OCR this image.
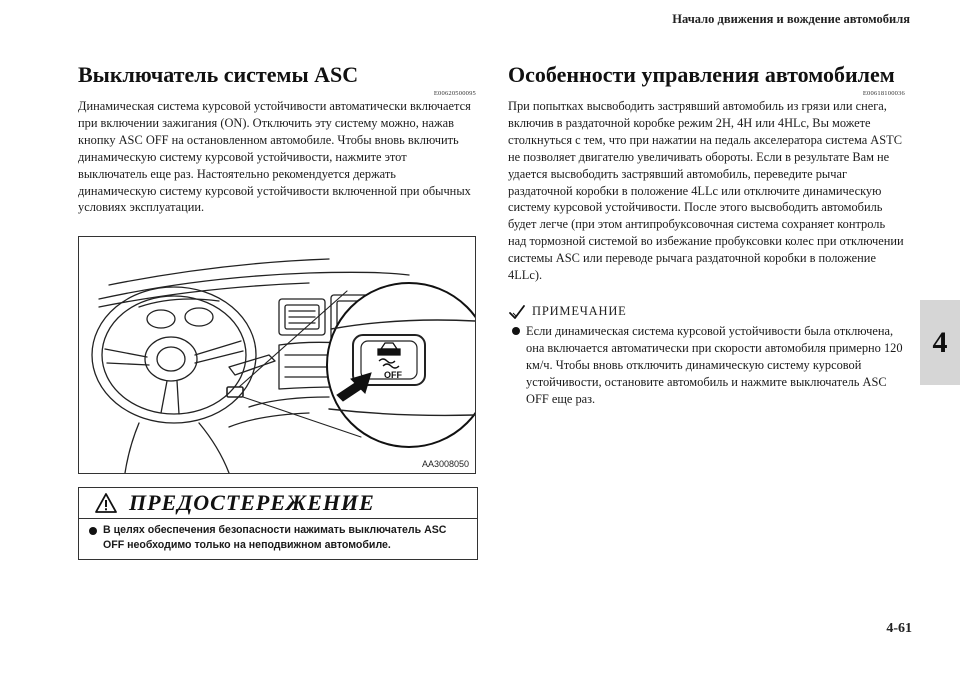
Начало движения и вождение автомобиля
4
4-61
Выключатель системы ASC
E00620500095

Динамическая система курсовой устойчивости автоматически включается при включении зажигания (ON). Отключить эту систему можно, нажав кнопку ASC OFF на остановленном автомобиле. Чтобы вновь включить динамическую систему курсовой устойчивости, нажмите этот выключатель еще раз. Настоятельно рекомендуется держать динамическую систему курсовой устойчивости включенной при обычных условиях эксплуатации.

OFF
AA3008050
ПРЕДОСТЕРЕЖЕНИЕ
В целях обеспечения безопасности нажимать выключатель ASC OFF необходимо только на неподвижном автомобиле.
Особенности управления автомобилем
E00618100036

При попытках высвободить застрявший автомобиль из грязи или снега, включив в раздаточной коробке режим 2H, 4H или 4HLc, Вы можете столкнуться с тем, что при нажатии на педаль акселератора система ASTC не позволяет двигателю увеличивать обороты. Если в результате Вам не удается высвободить застрявший автомобиль, переведите рычаг раздаточной коробки в положение 4LLc или отключите динамическую систему курсовой устойчивости. После этого высвободить автомобиль будет легче (при этом антипробуксовочная система сохраняет контроль над тормозной системой во избежание пробуксовки колес при отключении системы ASC или переводе рычага раздаточной коробки в положение 4LLc).

ПРИМЕЧАНИЕ
Если динамическая система курсовой устойчивости была отключена, она включается автоматически при скорости автомобиля примерно 120 км/ч. Чтобы вновь отключить динамическую систему курсовой устойчивости, остановите автомобиль и нажмите выключатель ASC OFF еще раз.
